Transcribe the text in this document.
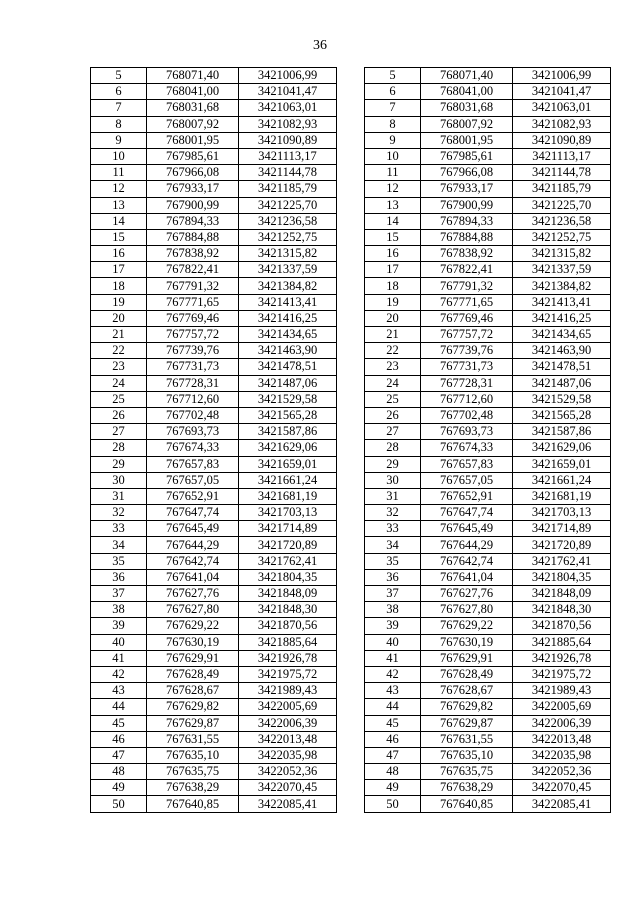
36
5	768071,40	3421006,99
6	768041,00	3421041,47
7	768031,68	3421063,01
8	768007,92	3421082,93
9	768001,95	3421090,89
10	767985,61	3421113,17
11	767966,08	3421144,78
12	767933,17	3421185,79
13	767900,99	3421225,70
14	767894,33	3421236,58
15	767884,88	3421252,75
16	767838,92	3421315,82
17	767822,41	3421337,59
18	767791,32	3421384,82
19	767771,65	3421413,41
20	767769,46	3421416,25
21	767757,72	3421434,65
22	767739,76	3421463,90
23	767731,73	3421478,51
24	767728,31	3421487,06
25	767712,60	3421529,58
26	767702,48	3421565,28
27	767693,73	3421587,86
28	767674,33	3421629,06
29	767657,83	3421659,01
30	767657,05	3421661,24
31	767652,91	3421681,19
32	767647,74	3421703,13
33	767645,49	3421714,89
34	767644,29	3421720,89
35	767642,74	3421762,41
36	767641,04	3421804,35
37	767627,76	3421848,09
38	767627,80	3421848,30
39	767629,22	3421870,56
40	767630,19	3421885,64
41	767629,91	3421926,78
42	767628,49	3421975,72
43	767628,67	3421989,43
44	767629,82	3422005,69
45	767629,87	3422006,39
46	767631,55	3422013,48
47	767635,10	3422035,98
48	767635,75	3422052,36
49	767638,29	3422070,45
50	767640,85	3422085,41
5	768071,40	3421006,99
6	768041,00	3421041,47
7	768031,68	3421063,01
8	768007,92	3421082,93
9	768001,95	3421090,89
10	767985,61	3421113,17
11	767966,08	3421144,78
12	767933,17	3421185,79
13	767900,99	3421225,70
14	767894,33	3421236,58
15	767884,88	3421252,75
16	767838,92	3421315,82
17	767822,41	3421337,59
18	767791,32	3421384,82
19	767771,65	3421413,41
20	767769,46	3421416,25
21	767757,72	3421434,65
22	767739,76	3421463,90
23	767731,73	3421478,51
24	767728,31	3421487,06
25	767712,60	3421529,58
26	767702,48	3421565,28
27	767693,73	3421587,86
28	767674,33	3421629,06
29	767657,83	3421659,01
30	767657,05	3421661,24
31	767652,91	3421681,19
32	767647,74	3421703,13
33	767645,49	3421714,89
34	767644,29	3421720,89
35	767642,74	3421762,41
36	767641,04	3421804,35
37	767627,76	3421848,09
38	767627,80	3421848,30
39	767629,22	3421870,56
40	767630,19	3421885,64
41	767629,91	3421926,78
42	767628,49	3421975,72
43	767628,67	3421989,43
44	767629,82	3422005,69
45	767629,87	3422006,39
46	767631,55	3422013,48
47	767635,10	3422035,98
48	767635,75	3422052,36
49	767638,29	3422070,45
50	767640,85	3422085,41
